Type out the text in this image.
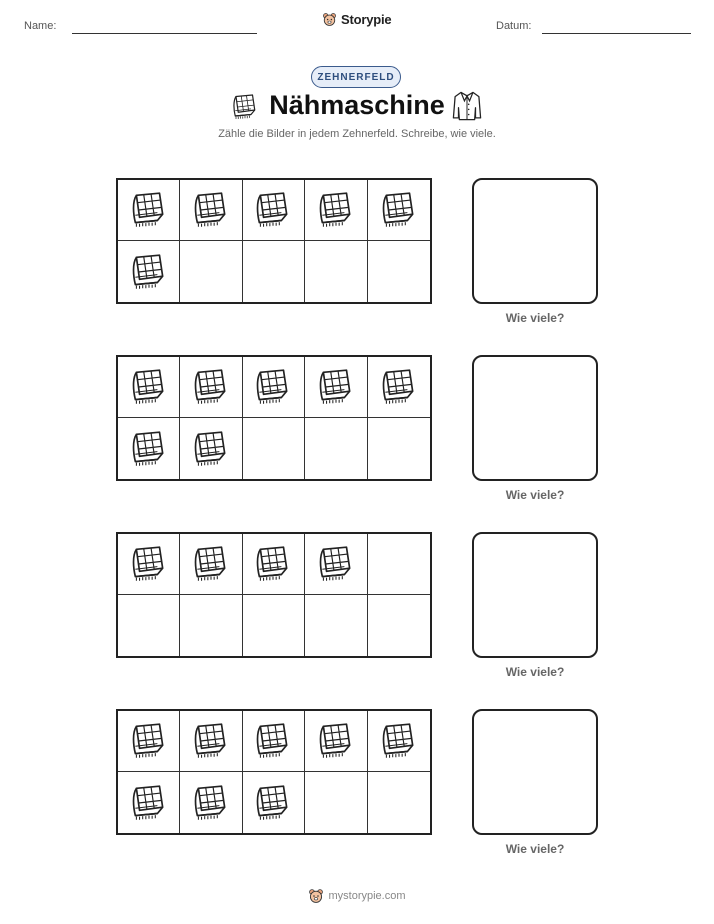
Name:	Storypie	Datum:
ZEHNERFELD
Nähmaschine
Zähle die Bilder in jedem Zehnerfeld. Schreibe, wie viele.
Wie viele?
Wie viele?
Wie viele?
Wie viele?
mystorypie.com
